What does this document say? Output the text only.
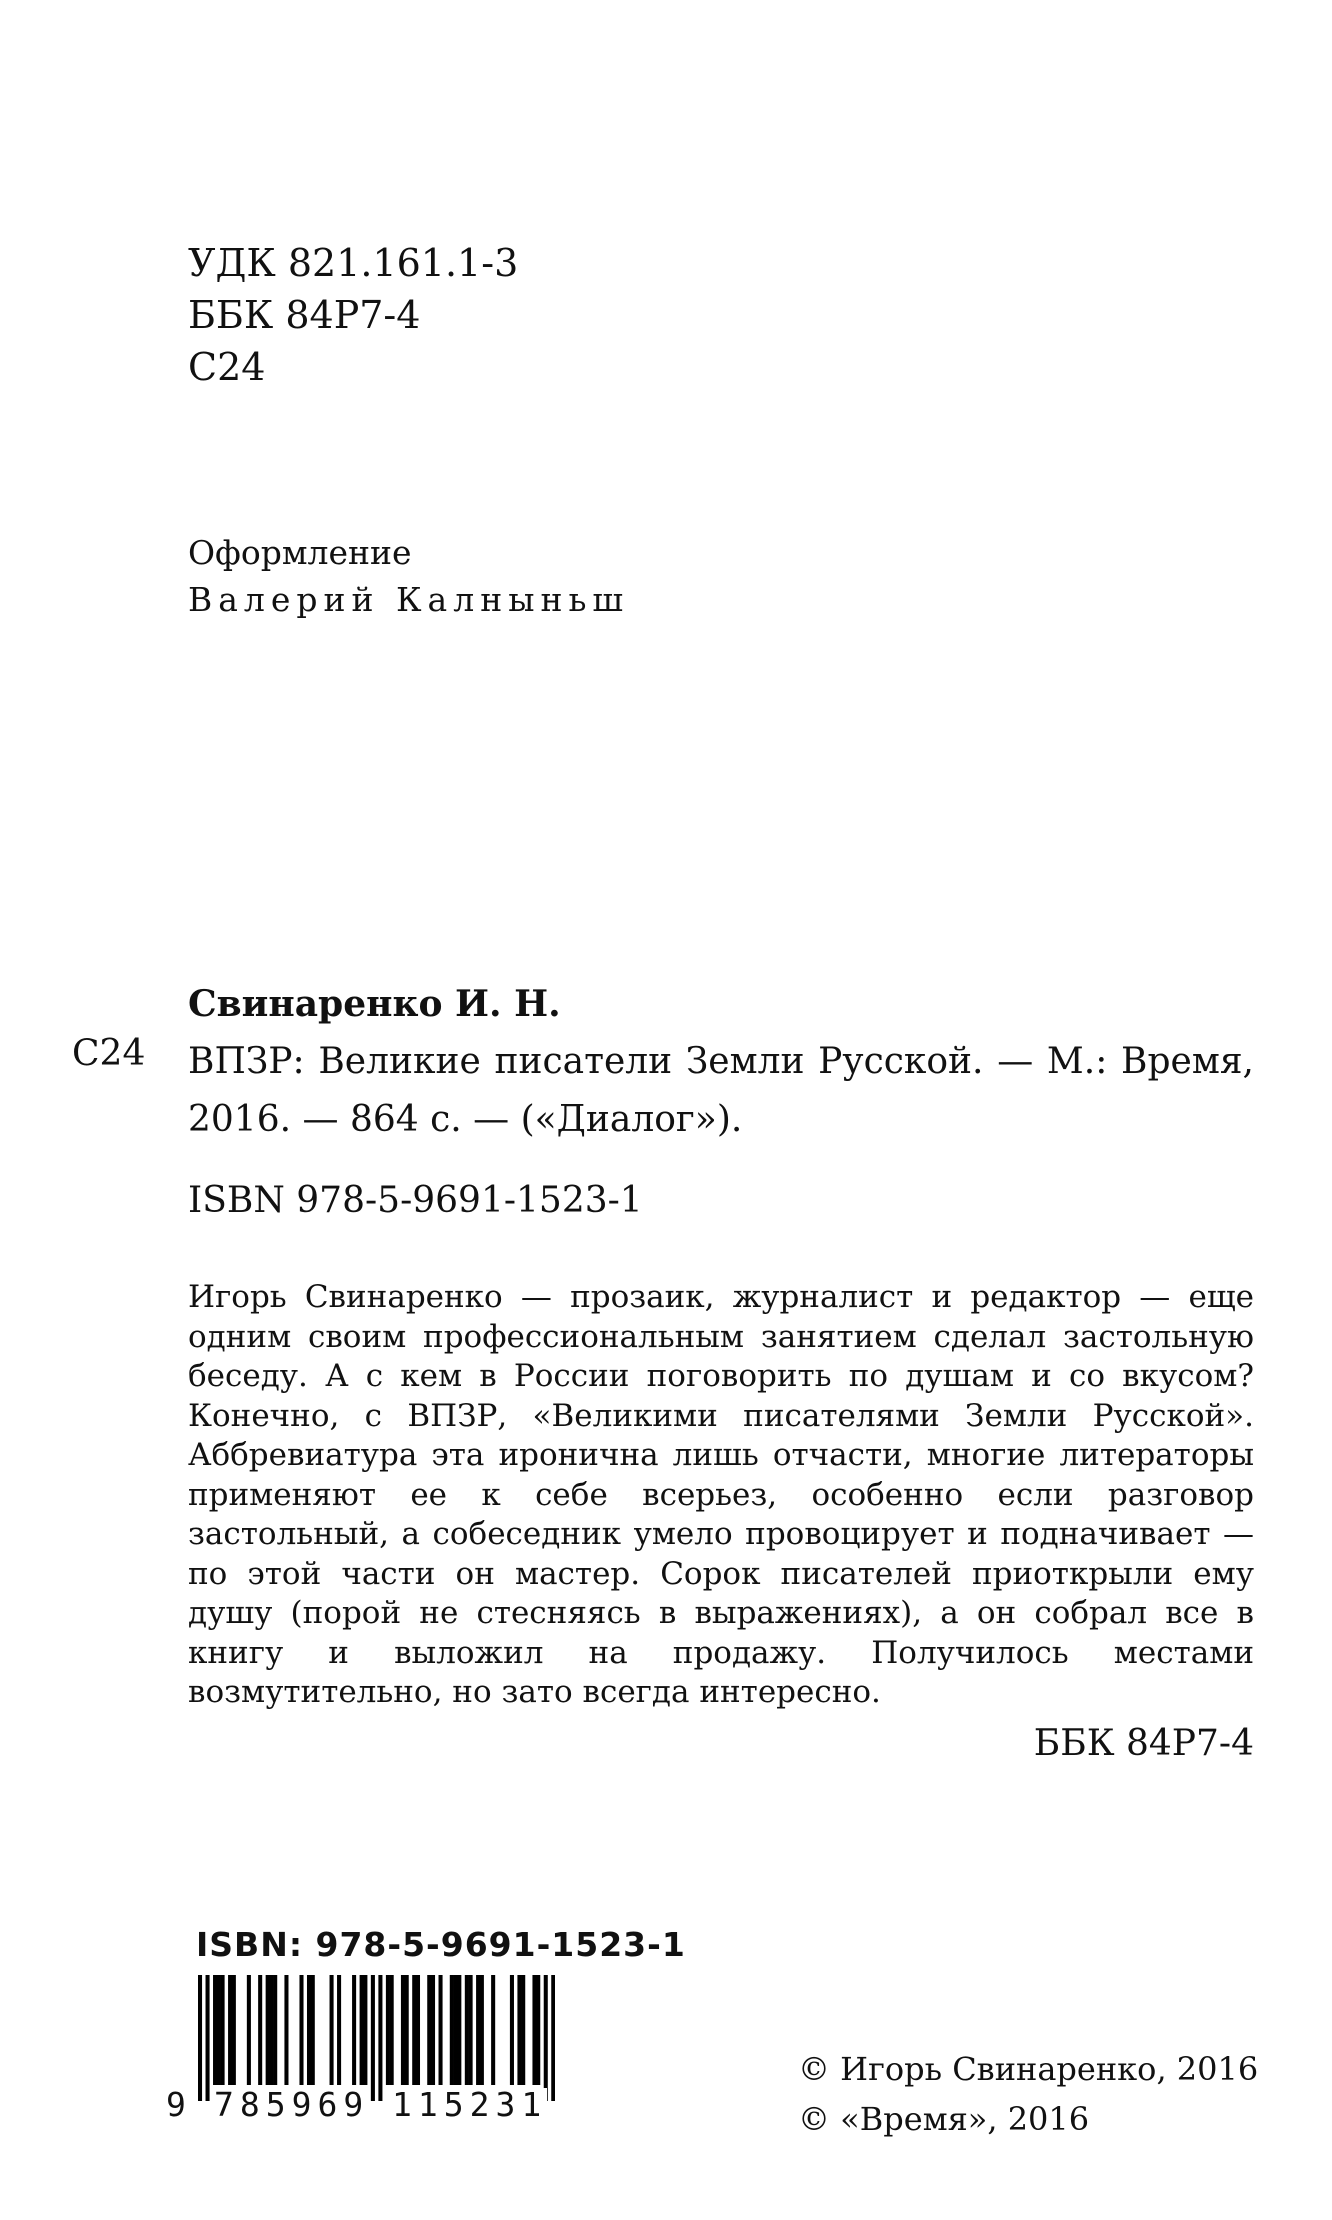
УДК 821.161.1-3
ББК 84Р7-4
С24
Оформление
Валерий Калныньш
Свинаренко И. Н.
С24 ВПЗР: Великие писатели Земли Русской. — М.: Время, 2016. — 864 с. — («Диалог»).
ISBN 978-5-9691-1523-1
Игорь Свинаренко — прозаик, журналист и редактор — еще одним своим профессиональным занятием сделал застольную беседу. А с кем в России поговорить по душам и со вкусом? Конечно, с ВПЗР, «Великими писателями Земли Русской». Аббревиатура эта иронична лишь отчасти, многие литераторы применяют ее к себе всерьез, особенно если разговор застольный, а собеседник умело провоцирует и подначивает — по этой части он мастер. Сорок писателей приоткрыли ему душу (порой не стесняясь в выражениях), а он собрал все в книгу и выложил на продажу. Получилось местами возмутительно, но зато всегда интересно.
ББК 84Р7-4
ISBN: 978-5-9691-1523-1
9 785969 115231
© Игорь Свинаренко, 2016
© «Время», 2016
